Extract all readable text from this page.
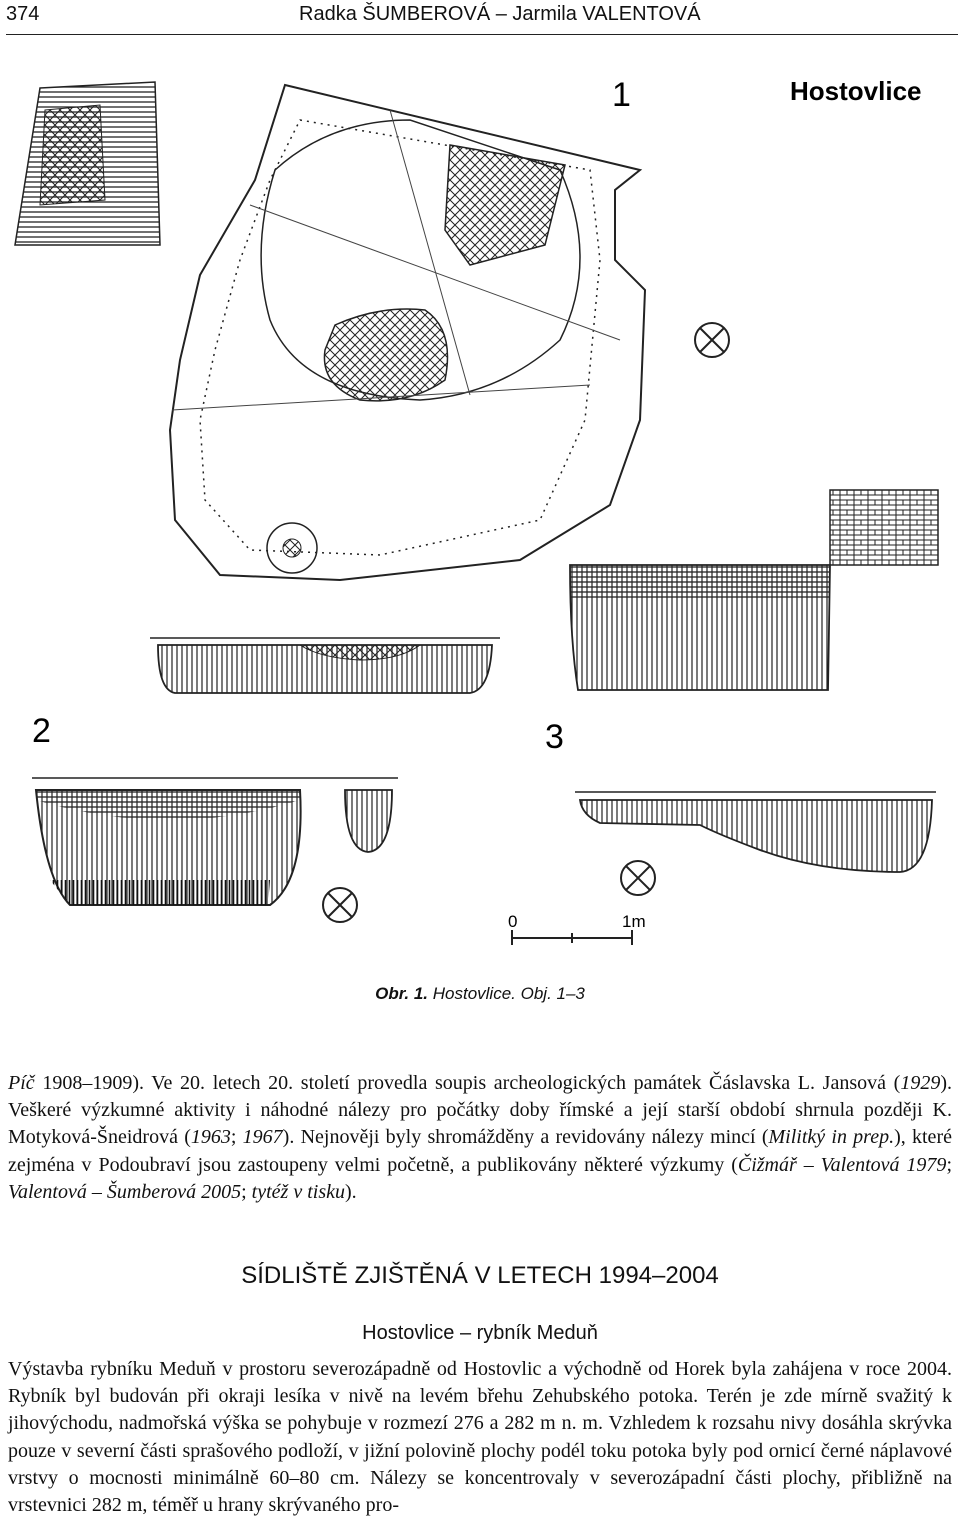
374	Radka ŠUMBEROVÁ – Jarmila VALENTOVÁ
1	Hostovlice
2	3
0	1m
Obr. 1. Hostovlice. Obj. 1–3
Píč 1908–1909). Ve 20. letech 20. století provedla soupis archeologických památek Čáslavska L. Jansová (1929). Veškeré výzkumné aktivity i náhodné nálezy pro počátky doby římské a její starší období shrnula později K. Motyková-Šneidrová (1963; 1967). Nejnověji byly shromážděny a revidovány nálezy mincí (Militký in prep.), které zejména v Podoubraví jsou zastoupeny velmi početně, a publikovány některé výzkumy (Čižmář – Valentová 1979; Valentová – Šumberová 2005; tytéž v tisku).
SÍDLIŠTĚ ZJIŠTĚNÁ V LETECH 1994–2004
Hostovlice – rybník Meduň
Výstavba rybníku Meduň v prostoru severozápadně od Hostovlic a východně od Horek byla zahájena v roce 2004. Rybník byl budován při okraji lesíka v nivě na levém břehu Zehubského potoka. Terén je zde mírně svažitý k jihovýchodu, nadmořská výška se pohybuje v rozmezí 276 a 282 m n. m. Vzhledem k rozsahu nivy dosáhla skrývka pouze v severní části sprašového podloží, v jižní polovině plochy podél toku potoka byly pod ornicí černé náplavové vrstvy o mocnosti minimálně 60–80 cm. Nálezy se koncentrovaly v severozápadní části plochy, přibližně na vrstevnici 282 m, téměř u hrany skrývaného pro-
